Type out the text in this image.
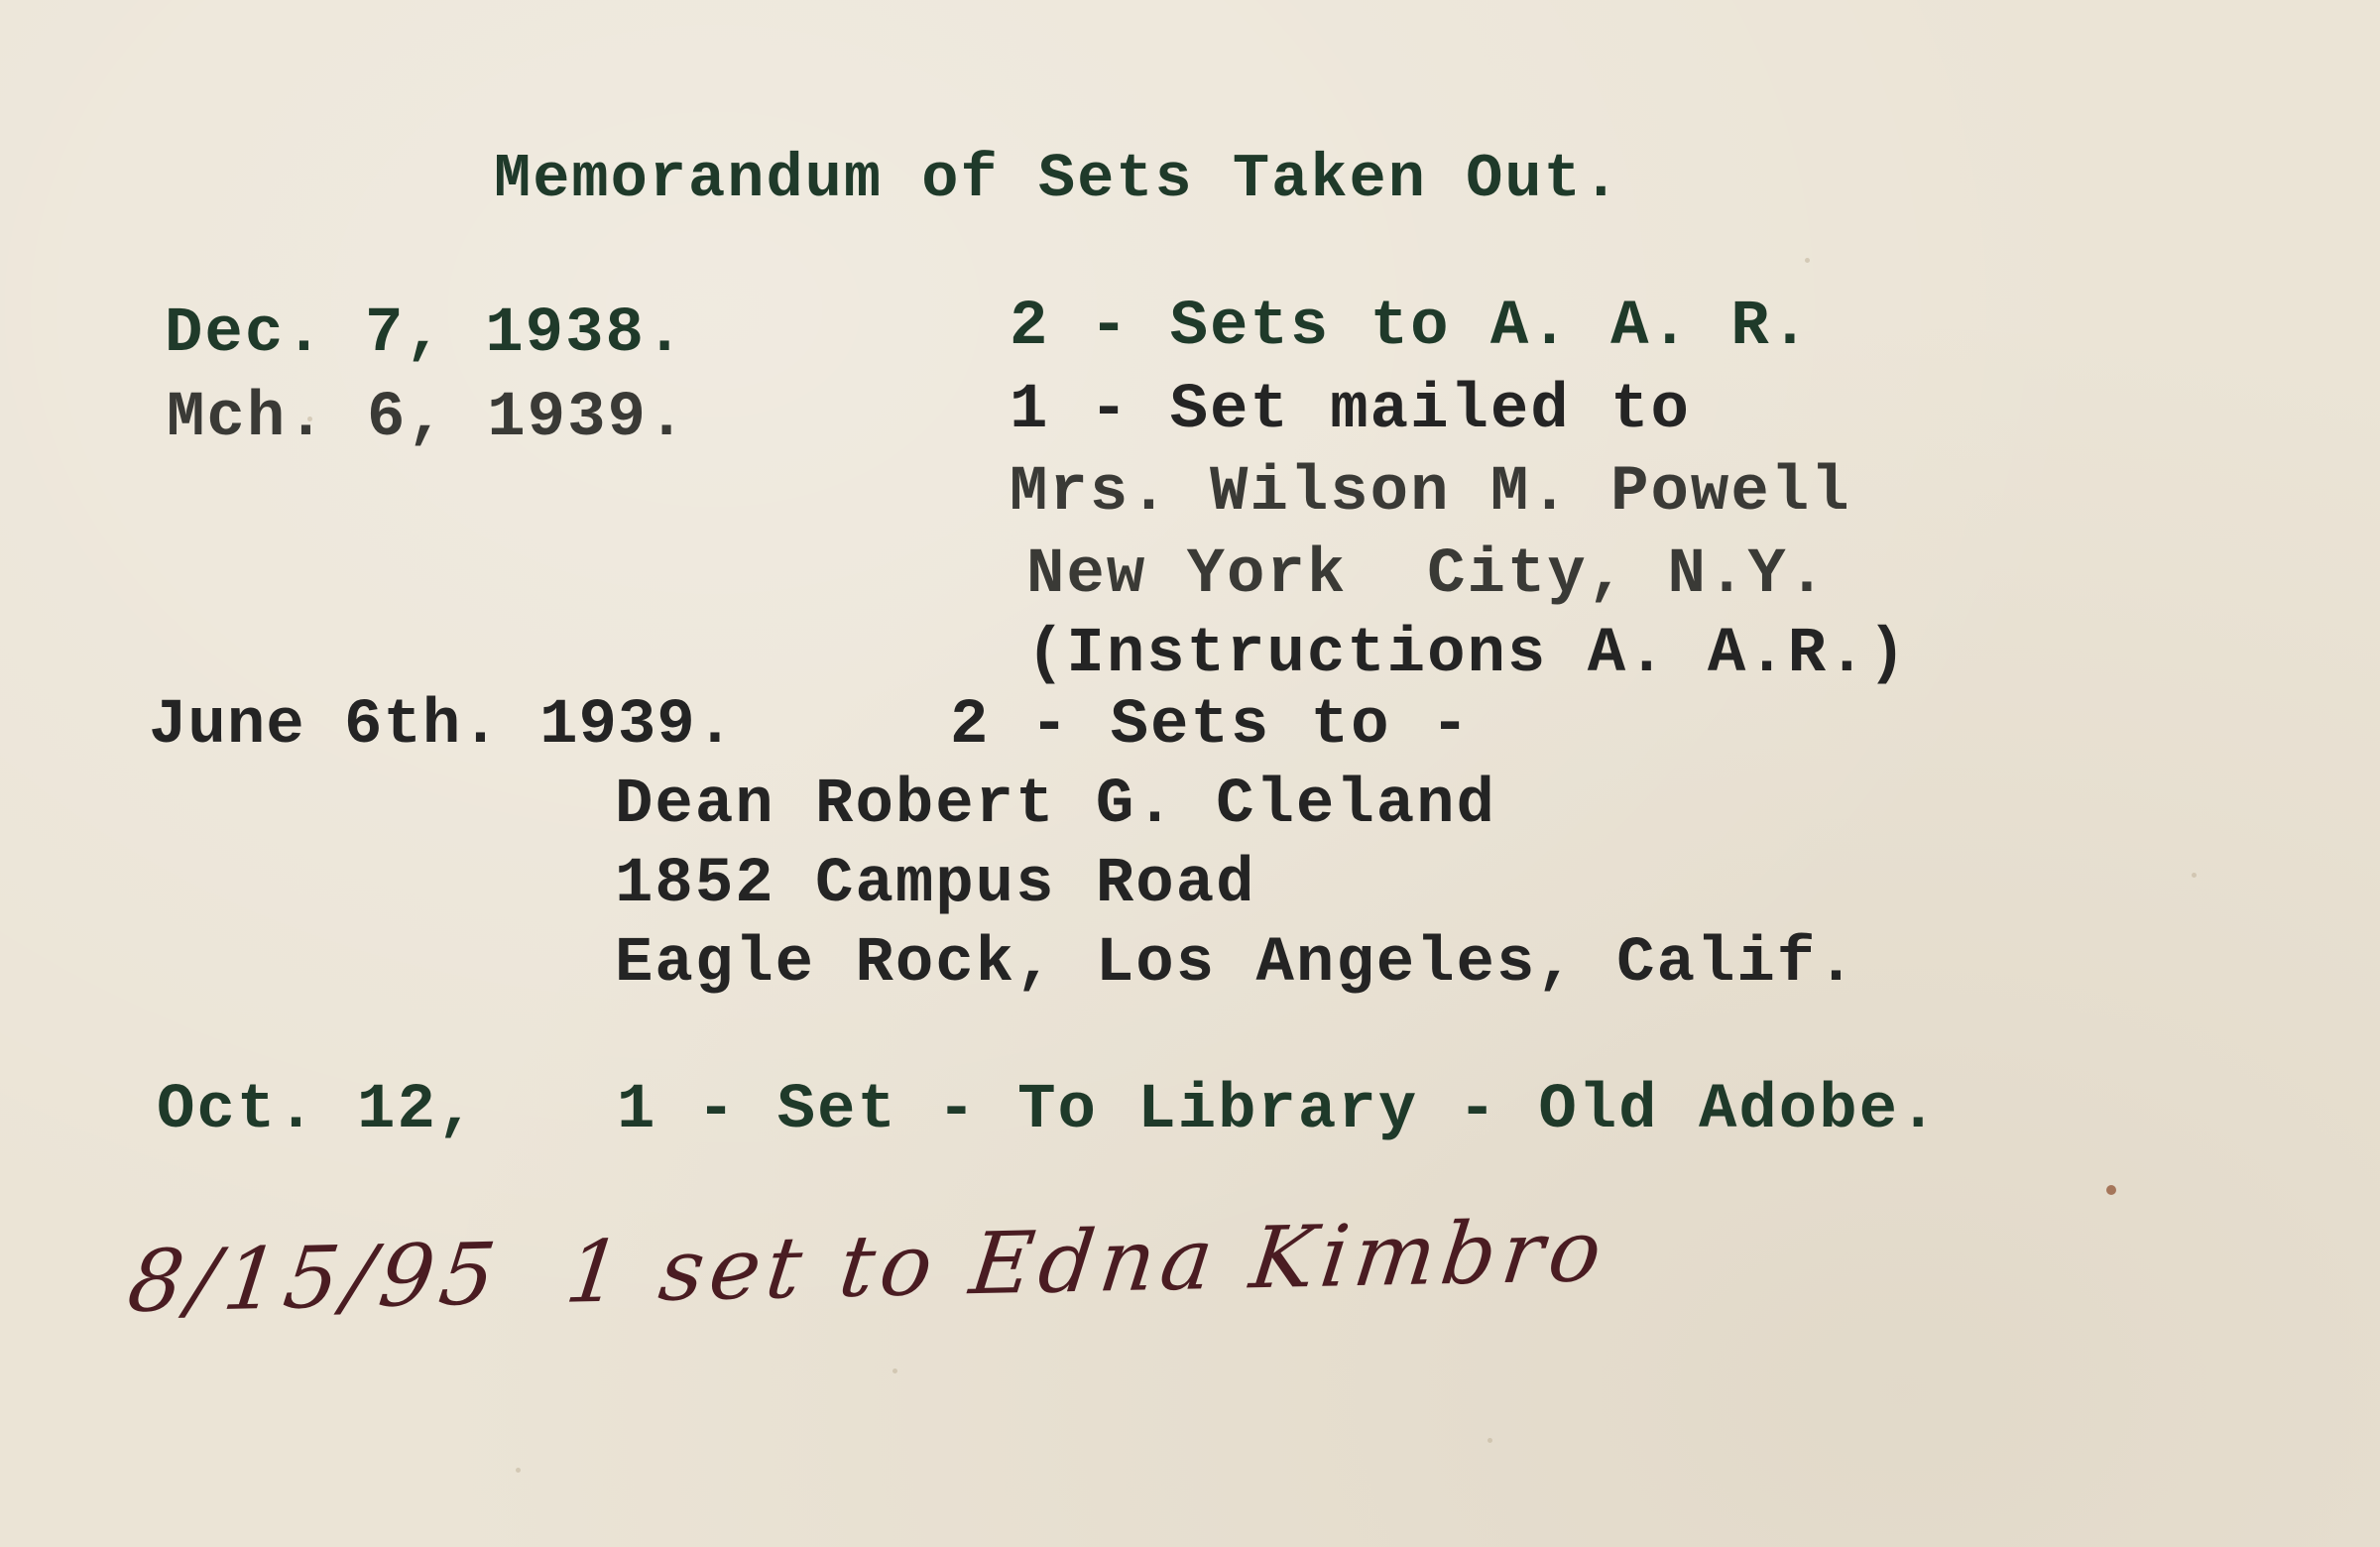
Memorandum of Sets Taken Out.
Dec. 7, 1938.	2 - Sets to A. A. R.
Mch. 6, 1939.	1 - Set mailed to
Mrs. Wilson M. Powell
New York  City, N.Y.
(Instructions A. A.R.)
June 6th. 1939.	2 - Sets to -
Dean Robert G. Cleland
1852 Campus Road
Eagle Rock, Los Angeles, Calif.
Oct. 12, 1 - Set - To Library - Old Adobe.
8/15/95  1 set to Edna Kimbro
